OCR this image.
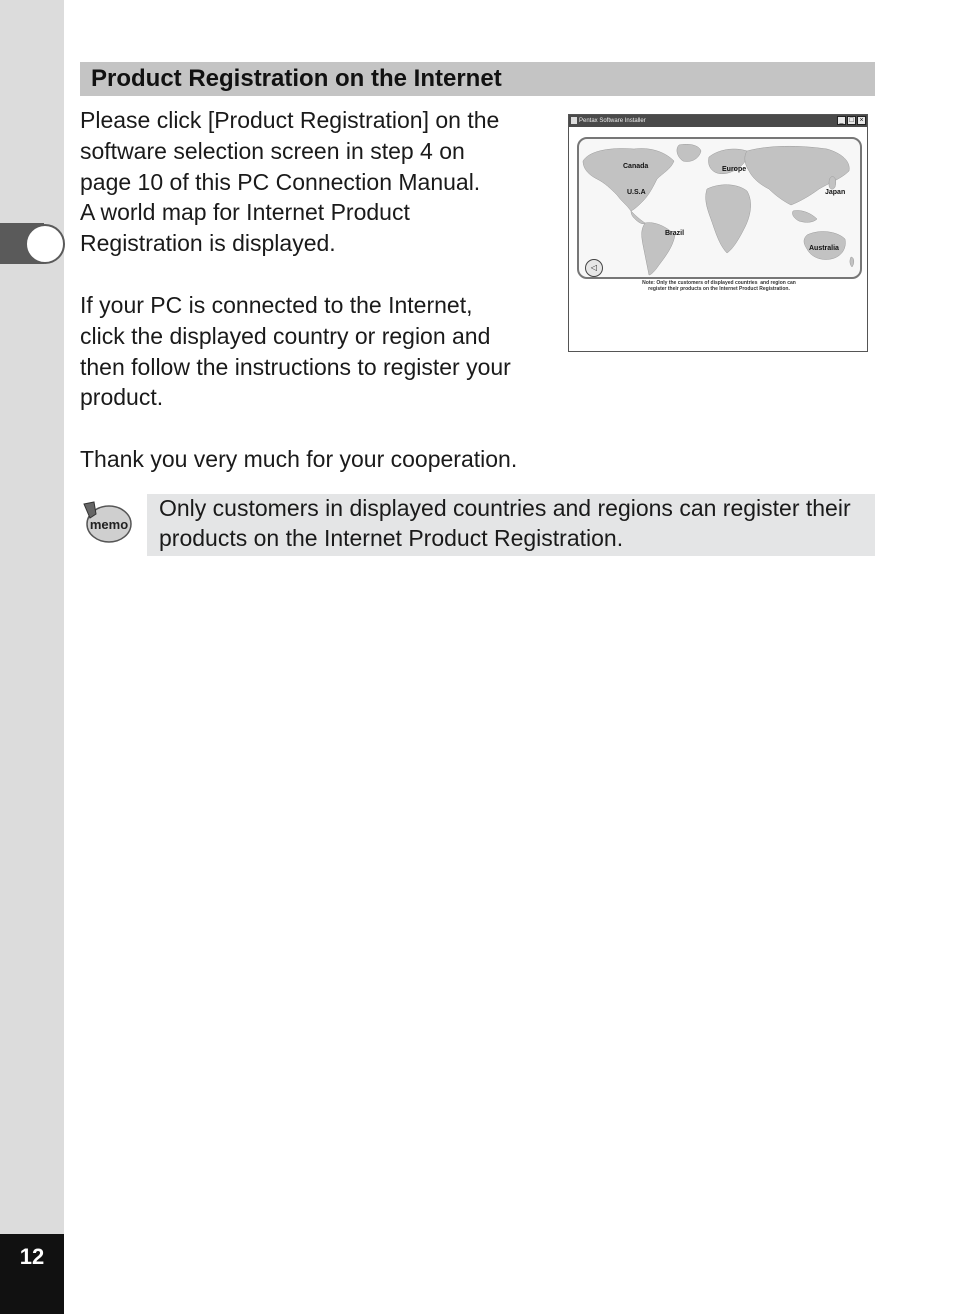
12
Product Registration on the Internet
Please click [Product Registration] on the
software selection screen in step 4 on
page 10 of this PC Connection Manual.
A world map for Internet Product
Registration is displayed.
If your PC is connected to the Internet,
click the displayed country or region and
then follow the instructions to register your
product.
Thank you very much for your cooperation.
Pentax Software Installer	_ □ ×
Canada
U.S.A
Europe
Japan
Brazil
Australia
◁
Note: Only the customers of displayed countries  and region can
register their products on the Internet Product Registration.
memo
Only customers in displayed countries and regions can register their
products on the Internet Product Registration.
